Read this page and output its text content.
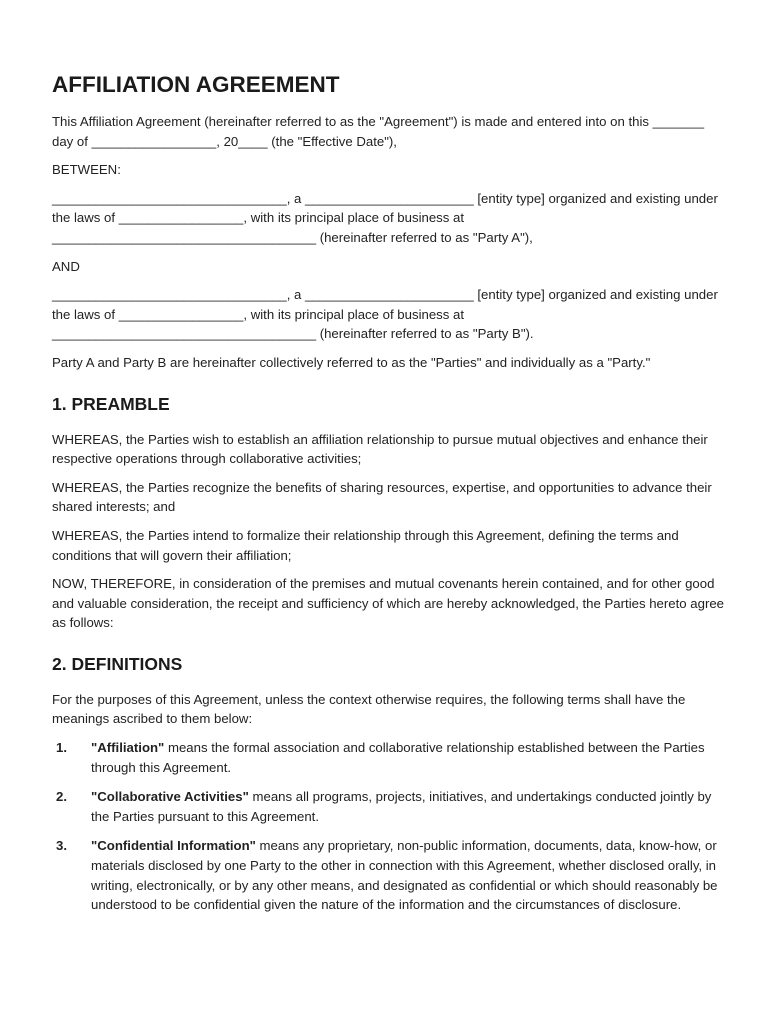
AFFILIATION AGREEMENT

This Affiliation Agreement (hereinafter referred to as the "Agreement") is made and entered into on this _______ day of _________________, 20____ (the "Effective Date"),

BETWEEN:

________________________________, a _______________________ [entity type] organized and existing under the laws of _________________, with its principal place of business at ____________________________________ (hereinafter referred to as "Party A"),

AND

________________________________, a _______________________ [entity type] organized and existing under the laws of _________________, with its principal place of business at ____________________________________ (hereinafter referred to as "Party B").

Party A and Party B are hereinafter collectively referred to as the "Parties" and individually as a "Party."

1. PREAMBLE

WHEREAS, the Parties wish to establish an affiliation relationship to pursue mutual objectives and enhance their respective operations through collaborative activities;

WHEREAS, the Parties recognize the benefits of sharing resources, expertise, and opportunities to advance their shared interests; and

WHEREAS, the Parties intend to formalize their relationship through this Agreement, defining the terms and conditions that will govern their affiliation;

NOW, THEREFORE, in consideration of the premises and mutual covenants herein contained, and for other good and valuable consideration, the receipt and sufficiency of which are hereby acknowledged, the Parties hereto agree as follows:

2. DEFINITIONS

For the purposes of this Agreement, unless the context otherwise requires, the following terms shall have the meanings ascribed to them below:

1.	"Affiliation" means the formal association and collaborative relationship established between the Parties through this Agreement.
2.	"Collaborative Activities" means all programs, projects, initiatives, and undertakings conducted jointly by the Parties pursuant to this Agreement.
3.	"Confidential Information" means any proprietary, non-public information, documents, data, know-how, or materials disclosed by one Party to the other in connection with this Agreement, whether disclosed orally, in writing, electronically, or by any other means, and designated as confidential or which should reasonably be understood to be confidential given the nature of the information and the circumstances of disclosure.
